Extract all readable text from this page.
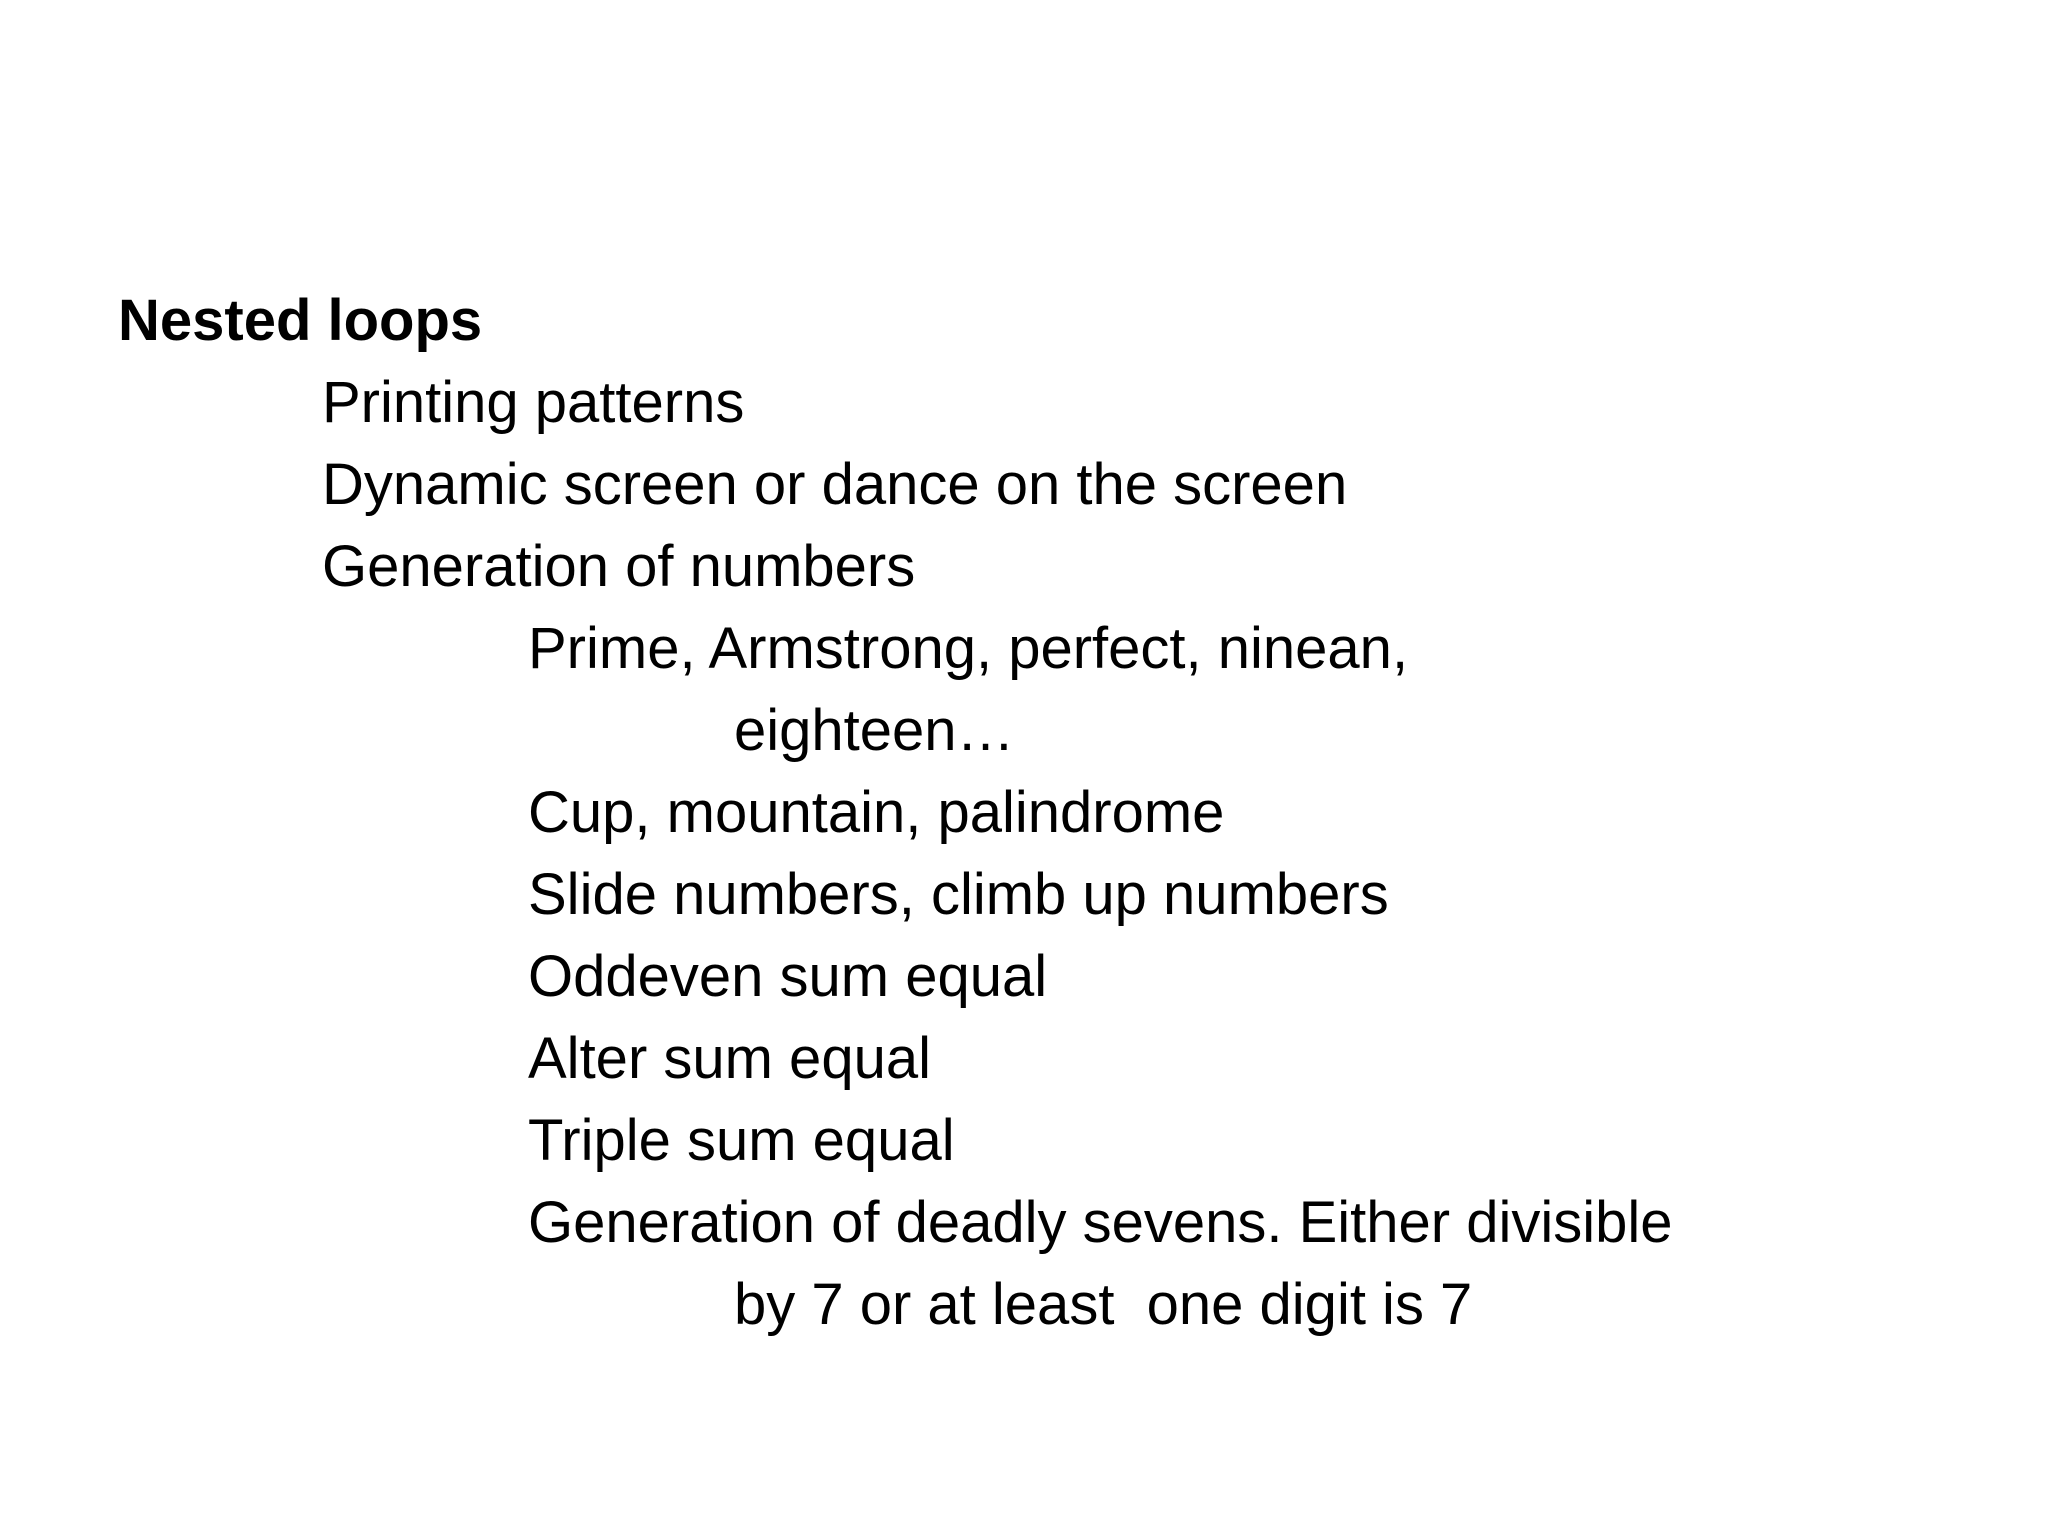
Nested loops
Printing patterns
Dynamic screen or dance on the screen
Generation of numbers
Prime, Armstrong, perfect, ninean,
eighteen…
Cup, mountain, palindrome
Slide numbers, climb up numbers
Oddeven sum equal
Alter sum equal
Triple sum equal
Generation of deadly sevens. Either divisible
by 7 or at least  one digit is 7
